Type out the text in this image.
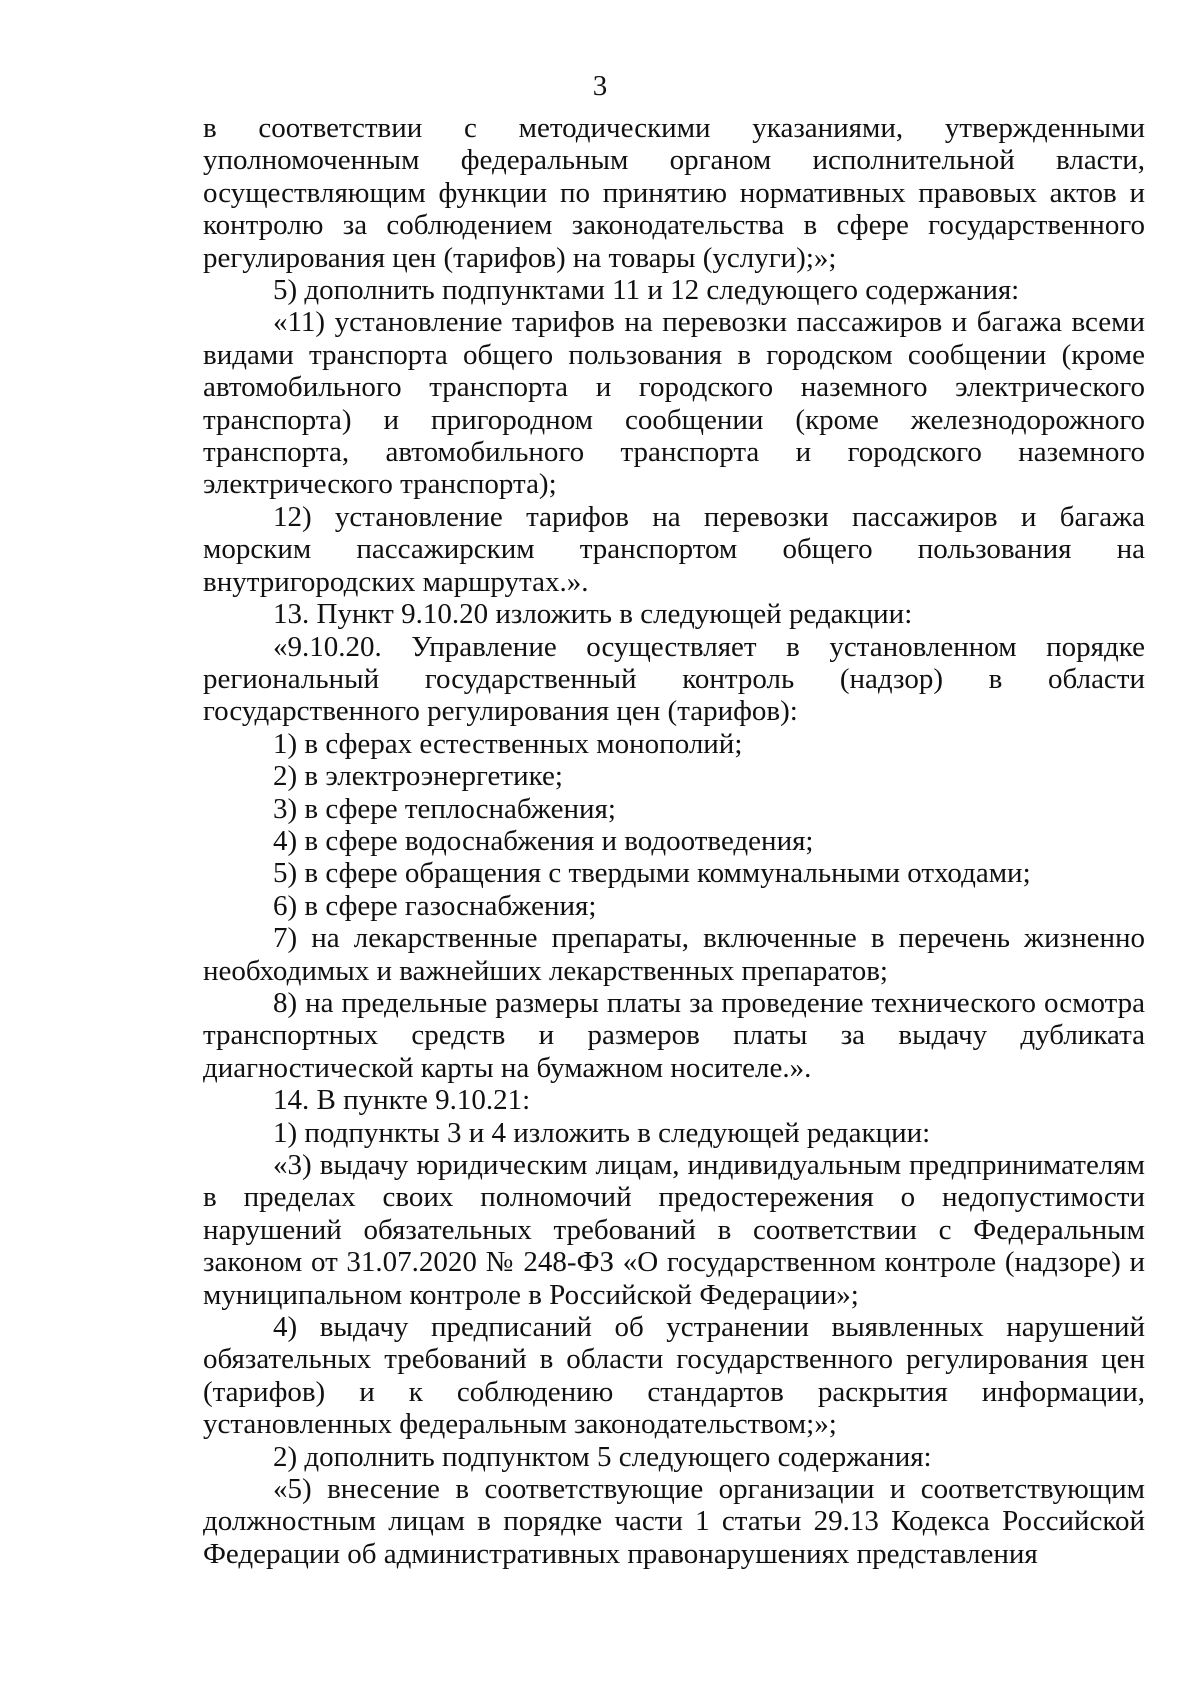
3

в соответствии с методическими указаниями, утвержденными уполномоченным федеральным органом исполнительной власти, осуществляющим функции по принятию нормативных правовых актов и контролю за соблюдением законодательства в сфере государственного регулирования цен (тарифов) на товары (услуги);»;

5) дополнить подпунктами 11 и 12 следующего содержания:

«11) установление тарифов на перевозки пассажиров и багажа всеми видами транспорта общего пользования в городском сообщении (кроме автомобильного транспорта и городского наземного электрического транспорта) и пригородном сообщении (кроме железнодорожного транспорта, автомобильного транспорта и городского наземного электрического транспорта);

12) установление тарифов на перевозки пассажиров и багажа морским пассажирским транспортом общего пользования на внутригородских маршрутах.».

13. Пункт 9.10.20 изложить в следующей редакции:

«9.10.20. Управление осуществляет в установленном порядке региональный государственный контроль (надзор) в области государственного регулирования цен (тарифов):

1) в сферах естественных монополий;

2) в электроэнергетике;

3) в сфере теплоснабжения;

4) в сфере водоснабжения и водоотведения;

5) в сфере обращения с твердыми коммунальными отходами;

6) в сфере газоснабжения;

7) на лекарственные препараты, включенные в перечень жизненно необходимых и важнейших лекарственных препаратов;

8) на предельные размеры платы за проведение технического осмотра транспортных средств и размеров платы за выдачу дубликата диагностической карты на бумажном носителе.».

14. В пункте 9.10.21:

1) подпункты 3 и 4 изложить в следующей редакции:

«3) выдачу юридическим лицам, индивидуальным предпринимателям в пределах своих полномочий предостережения о недопустимости нарушений обязательных требований в соответствии с Федеральным законом от 31.07.2020 № 248-ФЗ «О государственном контроле (надзоре) и муниципальном контроле в Российской Федерации»;

4) выдачу предписаний об устранении выявленных нарушений обязательных требований в области государственного регулирования цен (тарифов) и к соблюдению стандартов раскрытия информации, установленных федеральным законодательством;»;

2) дополнить подпунктом 5 следующего содержания:

«5) внесение в соответствующие организации и соответствующим должностным лицам в порядке части 1 статьи 29.13 Кодекса Российской Федерации об административных правонарушениях представления
